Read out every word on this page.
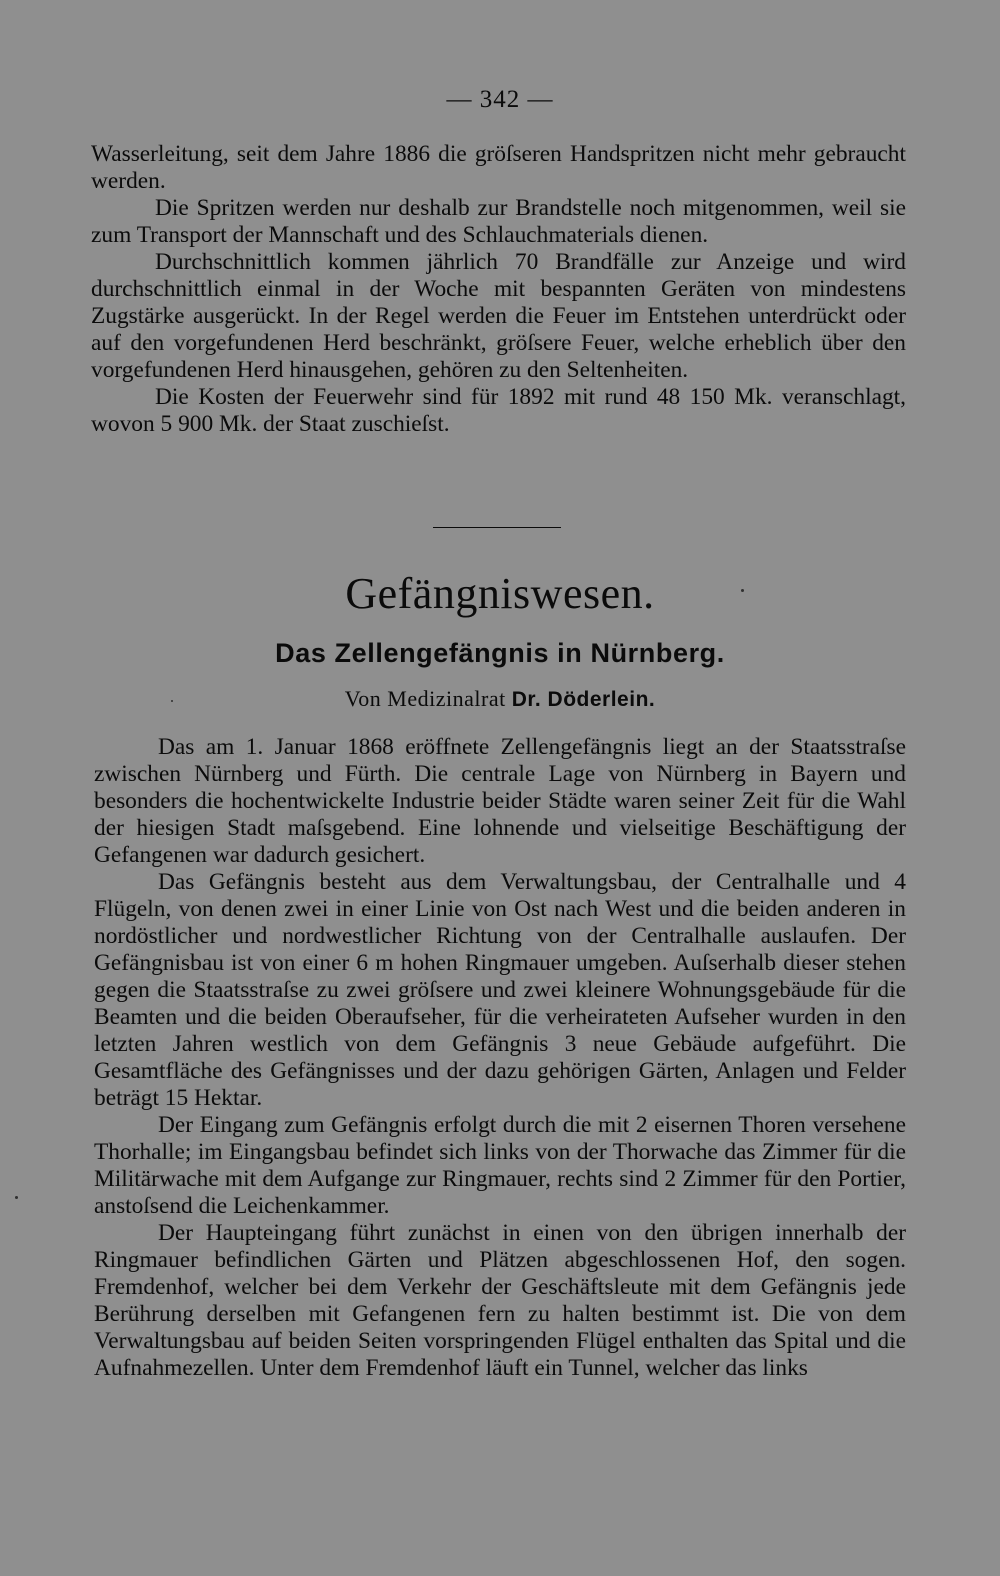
— 342 —

Wasserleitung, seit dem Jahre 1886 die gröſseren Handspritzen nicht mehr gebraucht werden.

Die Spritzen werden nur deshalb zur Brandstelle noch mitgenommen, weil sie zum Transport der Mannschaft und des Schlauchmaterials dienen.

Durchschnittlich kommen jährlich 70 Brandfälle zur Anzeige und wird durchschnittlich einmal in der Woche mit bespannten Geräten von mindestens Zugstärke ausgerückt. In der Regel werden die Feuer im Entstehen unterdrückt oder auf den vorgefundenen Herd beschränkt, gröſsere Feuer, welche erheblich über den vorgefundenen Herd hinausgehen, gehören zu den Seltenheiten.

Die Kosten der Feuerwehr sind für 1892 mit rund 48 150 Mk. veranschlagt, wovon 5 900 Mk. der Staat zuschieſst.

Gefängniswesen.
Das Zellengefängnis in Nürnberg.
Von Medizinalrat Dr. Döderlein.

Das am 1. Januar 1868 eröffnete Zellengefängnis liegt an der Staatsstraſse zwischen Nürnberg und Fürth. Die centrale Lage von Nürnberg in Bayern und besonders die hochentwickelte Industrie beider Städte waren seiner Zeit für die Wahl der hiesigen Stadt maſsgebend. Eine lohnende und vielseitige Beschäftigung der Gefangenen war dadurch gesichert.

Das Gefängnis besteht aus dem Verwaltungsbau, der Centralhalle und 4 Flügeln, von denen zwei in einer Linie von Ost nach West und die beiden anderen in nordöstlicher und nordwestlicher Richtung von der Centralhalle auslaufen. Der Gefängnisbau ist von einer 6 m hohen Ringmauer umgeben. Auſserhalb dieser stehen gegen die Staatsstraſse zu zwei gröſsere und zwei kleinere Wohnungsgebäude für die Beamten und die beiden Oberaufseher, für die verheirateten Aufseher wurden in den letzten Jahren westlich von dem Gefängnis 3 neue Gebäude aufgeführt. Die Gesamtfläche des Gefängnisses und der dazu gehörigen Gärten, Anlagen und Felder beträgt 15 Hektar.

Der Eingang zum Gefängnis erfolgt durch die mit 2 eisernen Thoren versehene Thorhalle; im Eingangsbau befindet sich links von der Thorwache das Zimmer für die Militärwache mit dem Aufgange zur Ringmauer, rechts sind 2 Zimmer für den Portier, anstoſsend die Leichenkammer.

Der Haupteingang führt zunächst in einen von den übrigen innerhalb der Ringmauer befindlichen Gärten und Plätzen abgeschlossenen Hof, den sogen. Fremdenhof, welcher bei dem Verkehr der Geschäftsleute mit dem Gefängnis jede Berührung derselben mit Gefangenen fern zu halten bestimmt ist. Die von dem Verwaltungsbau auf beiden Seiten vorspringenden Flügel enthalten das Spital und die Aufnahmezellen. Unter dem Fremdenhof läuft ein Tunnel, welcher das links
